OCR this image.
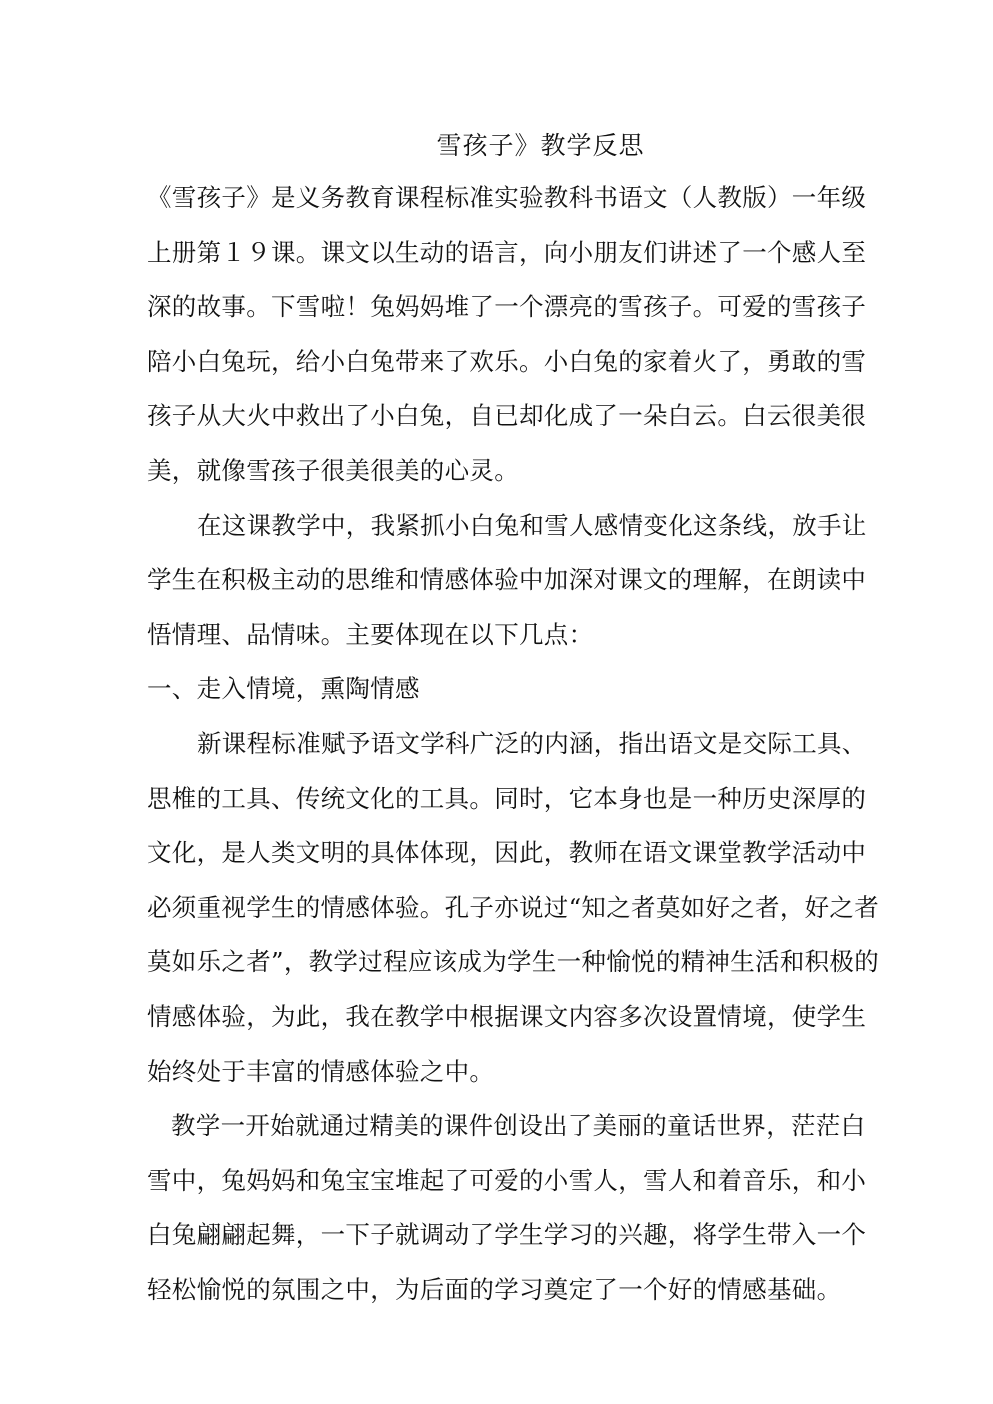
雪孩子》教学反思
《雪孩子》是义务教育课程标准实验教科书语文（人教版）一年级
上册第１９课。课文以生动的语言，向小朋友们讲述了一个感人至
深的故事。下雪啦！兔妈妈堆了一个漂亮的雪孩子。可爱的雪孩子
陪小白兔玩，给小白兔带来了欢乐。小白兔的家着火了，勇敢的雪
孩子从大火中救出了小白兔，自已却化成了一朵白云。白云很美很
美，就像雪孩子很美很美的心灵。
在这课教学中，我紧抓小白兔和雪人感情变化这条线，放手让
学生在积极主动的思维和情感体验中加深对课文的理解，在朗读中
悟情理、品情味。主要体现在以下几点：
一、走入情境，熏陶情感
新课程标准赋予语文学科广泛的内涵，指出语文是交际工具、
思椎的工具、传统文化的工具。同时，它本身也是一种历史深厚的
文化，是人类文明的具体体现，因此，教师在语文课堂教学活动中
必须重视学生的情感体验。孔子亦说过“知之者莫如好之者，好之者
莫如乐之者”，教学过程应该成为学生一种愉悦的精神生活和积极的
情感体验，为此，我在教学中根据课文内容多次设置情境，使学生
始终处于丰富的情感体验之中。
教学一开始就通过精美的课件创设出了美丽的童话世界，茫茫白
雪中，兔妈妈和兔宝宝堆起了可爱的小雪人，雪人和着音乐，和小
白兔翩翩起舞，一下子就调动了学生学习的兴趣，将学生带入一个
轻松愉悦的氛围之中，为后面的学习奠定了一个好的情感基础。
